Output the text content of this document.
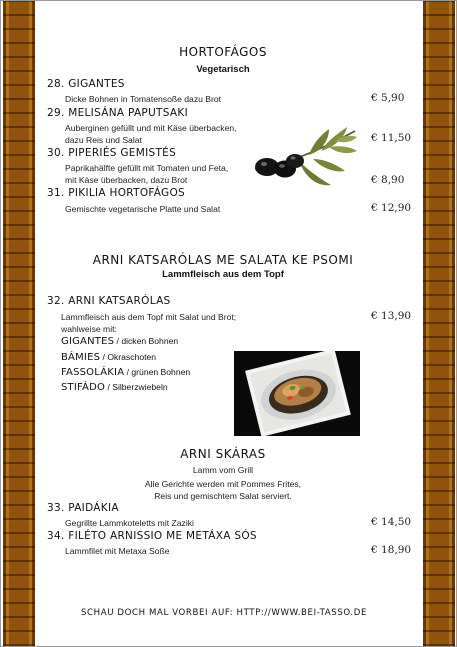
HORTOFÁGOS
Vegetarisch
28. GIGANTES
Dicke Bohnen in Tomatensoße dazu Brot	€ 5,90
29. MELISÁNA PAPUTSAKI
Auberginen gefüllt und mit Käse überbacken,
dazu Reis und Salat	€ 11,50
30. PIPERIÉS GEMISTÉS
Paprikahälfte gefüllt mit Tomaten und Feta,
mit Käse überbacken, dazu Brot	€ 8,90
31. PIKILIA HORTOFÁGOS
Gemischte vegetarische Platte und Salat	€ 12,90
ARNI KATSARÓLAS ME SALATA KE PSOMI
Lammfleisch aus dem Topf
32. ARNI KATSARÓLAS
Lammfleisch aus dem Topf mit Salat und Brot;
wahlweise mit:
€ 13,90
GIGANTES / dicken Bohnen
BÁMIES / Okraschoten
FASSOLÁKIA / grünen Bohnen
STIFÁDO / Silberzwiebeln
ARNI SKÁRAS
Lamm vom Grill
Alle Gerichte werden mit Pommes Frites,
Reis und gemischtem Salat serviert.
33. PAIDÁKIA
Gegrillte Lammkoteletts mit Zaziki	€ 14,50
34. FILÉTO ARNISSIO ME METÁXA SÓS
Lammfilet mit Metaxa Soße	€ 18,90
SCHAU DOCH MAL VORBEI AUF: HTTP://WWW.BEI-TASSO.DE
